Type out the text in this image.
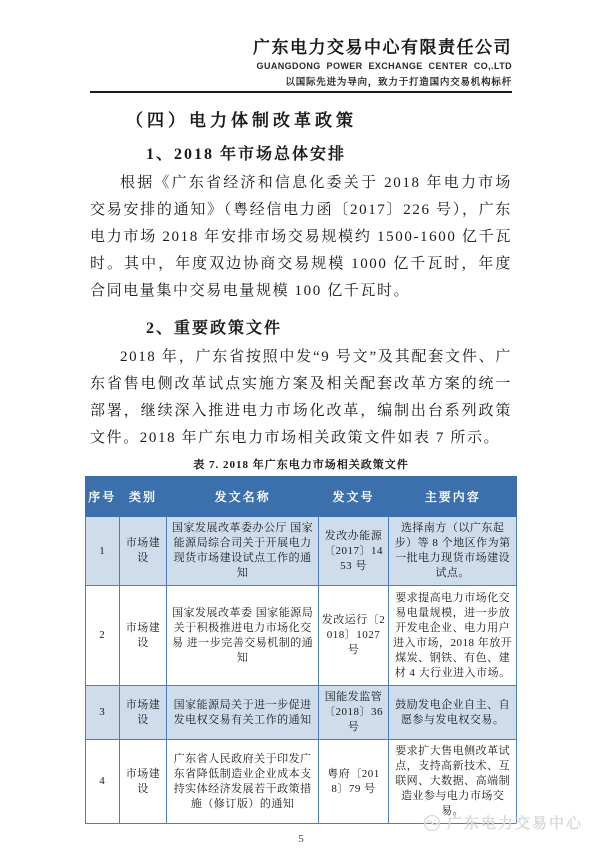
广东电力交易中心有限责任公司
GUANGDONG POWER EXCHANGE CENTER CO,.LTD
以国际先进为导向，致力于打造国内交易机构标杆
（四）电力体制改革政策
1、2018 年市场总体安排

根据《广东省经济和信息化委关于 2018 年电力市场交易安排的通知》（粤经信电力函〔2017〕226 号），广东电力市场 2018 年安排市场交易规模约 1500-1600 亿千瓦时。其中，年度双边协商交易规模 1000 亿千瓦时，年度合同电量集中交易电量规模 100 亿千瓦时。

2、重要政策文件

2018 年，广东省按照中发“9 号文”及其配套文件、广东省售电侧改革试点实施方案及相关配套改革方案的统一部署，继续深入推进电力市场化改革，编制出台系列政策文件。2018 年广东电力市场相关政策文件如表 7 所示。

表 7. 2018 年广东电力市场相关政策文件
序号	类别	发文名称	发文号	主要内容
1	市场建设	国家发展改革委办公厅 国家能源局综合司关于开展电力现货市场建设试点工作的通知	发改办能源〔2017〕1453 号	选择南方（以广东起步）等 8 个地区作为第一批电力现货市场建设试点。
2	市场建设	国家发展改革委 国家能源局关于积极推进电力市场化交易 进一步完善交易机制的通知	发改运行〔2018〕1027 号	要求提高电力市场化交易电量规模，进一步放开发电企业、电力用户进入市场，2018 年放开煤炭、钢铁、有色、建材 4 大行业进入市场。
3	市场建设	国家能源局关于进一步促进发电权交易有关工作的通知	国能发监管〔2018〕36 号	鼓励发电企业自主、自愿参与发电权交易。
4	市场建设	广东省人民政府关于印发广东省降低制造业企业成本支持实体经济发展若干政策措施（修订版）的通知	粤府〔2018〕79 号	要求扩大售电侧改革试点，支持高新技术、互联网、大数据、高端制造业参与电力市场交易。
5
广东电力交易中心
